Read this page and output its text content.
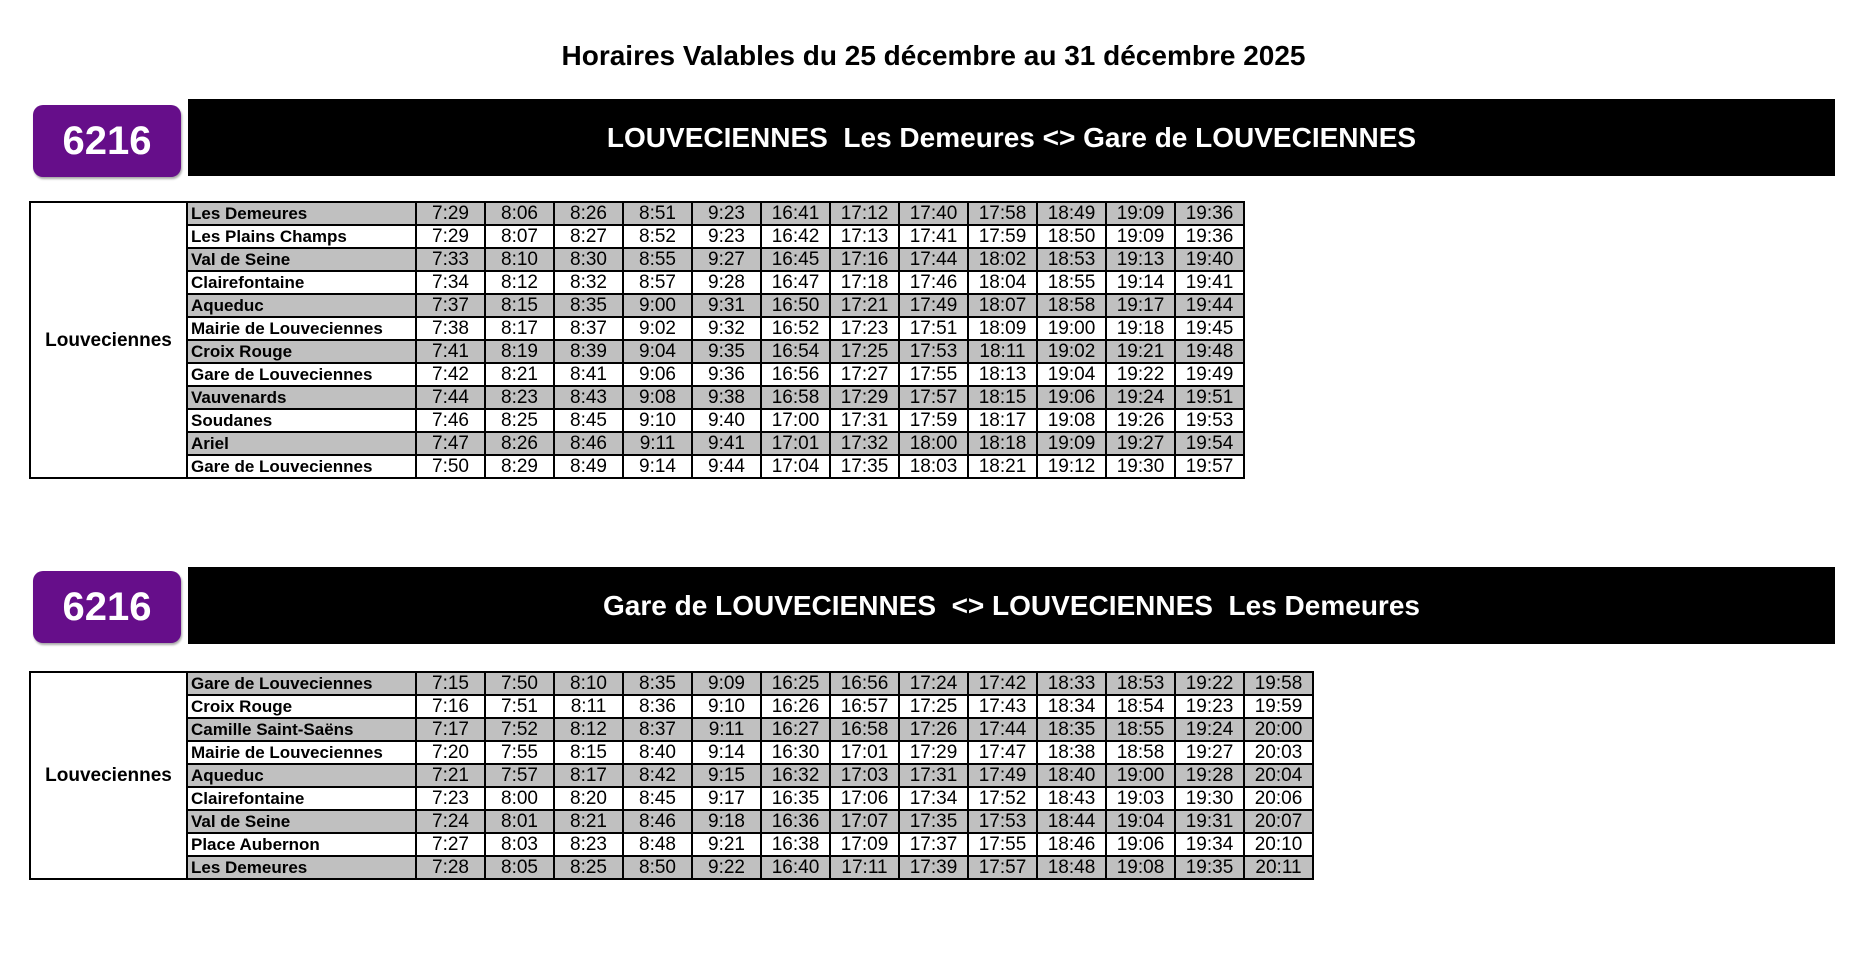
Horaires Valables du 25 décembre au 31 décembre 2025
6216	LOUVECIENNES  Les Demeures <> Gare de LOUVECIENNES
Louveciennes	Les Demeures	7:29	8:06	8:26	8:51	9:23	16:41	17:12	17:40	17:58	18:49	19:09	19:36
	Les Plains Champs	7:29	8:07	8:27	8:52	9:23	16:42	17:13	17:41	17:59	18:50	19:09	19:36
	Val de Seine	7:33	8:10	8:30	8:55	9:27	16:45	17:16	17:44	18:02	18:53	19:13	19:40
	Clairefontaine	7:34	8:12	8:32	8:57	9:28	16:47	17:18	17:46	18:04	18:55	19:14	19:41
	Aqueduc	7:37	8:15	8:35	9:00	9:31	16:50	17:21	17:49	18:07	18:58	19:17	19:44
	Mairie de Louveciennes	7:38	8:17	8:37	9:02	9:32	16:52	17:23	17:51	18:09	19:00	19:18	19:45
	Croix Rouge	7:41	8:19	8:39	9:04	9:35	16:54	17:25	17:53	18:11	19:02	19:21	19:48
	Gare de Louveciennes	7:42	8:21	8:41	9:06	9:36	16:56	17:27	17:55	18:13	19:04	19:22	19:49
	Vauvenards	7:44	8:23	8:43	9:08	9:38	16:58	17:29	17:57	18:15	19:06	19:24	19:51
	Soudanes	7:46	8:25	8:45	9:10	9:40	17:00	17:31	17:59	18:17	19:08	19:26	19:53
	Ariel	7:47	8:26	8:46	9:11	9:41	17:01	17:32	18:00	18:18	19:09	19:27	19:54
	Gare de Louveciennes	7:50	8:29	8:49	9:14	9:44	17:04	17:35	18:03	18:21	19:12	19:30	19:57
6216	Gare de LOUVECIENNES  <> LOUVECIENNES  Les Demeures
Louveciennes	Gare de Louveciennes	7:15	7:50	8:10	8:35	9:09	16:25	16:56	17:24	17:42	18:33	18:53	19:22	19:58
	Croix Rouge	7:16	7:51	8:11	8:36	9:10	16:26	16:57	17:25	17:43	18:34	18:54	19:23	19:59
	Camille Saint-Saëns	7:17	7:52	8:12	8:37	9:11	16:27	16:58	17:26	17:44	18:35	18:55	19:24	20:00
	Mairie de Louveciennes	7:20	7:55	8:15	8:40	9:14	16:30	17:01	17:29	17:47	18:38	18:58	19:27	20:03
	Aqueduc	7:21	7:57	8:17	8:42	9:15	16:32	17:03	17:31	17:49	18:40	19:00	19:28	20:04
	Clairefontaine	7:23	8:00	8:20	8:45	9:17	16:35	17:06	17:34	17:52	18:43	19:03	19:30	20:06
	Val de Seine	7:24	8:01	8:21	8:46	9:18	16:36	17:07	17:35	17:53	18:44	19:04	19:31	20:07
	Place Aubernon	7:27	8:03	8:23	8:48	9:21	16:38	17:09	17:37	17:55	18:46	19:06	19:34	20:10
	Les Demeures	7:28	8:05	8:25	8:50	9:22	16:40	17:11	17:39	17:57	18:48	19:08	19:35	20:11
